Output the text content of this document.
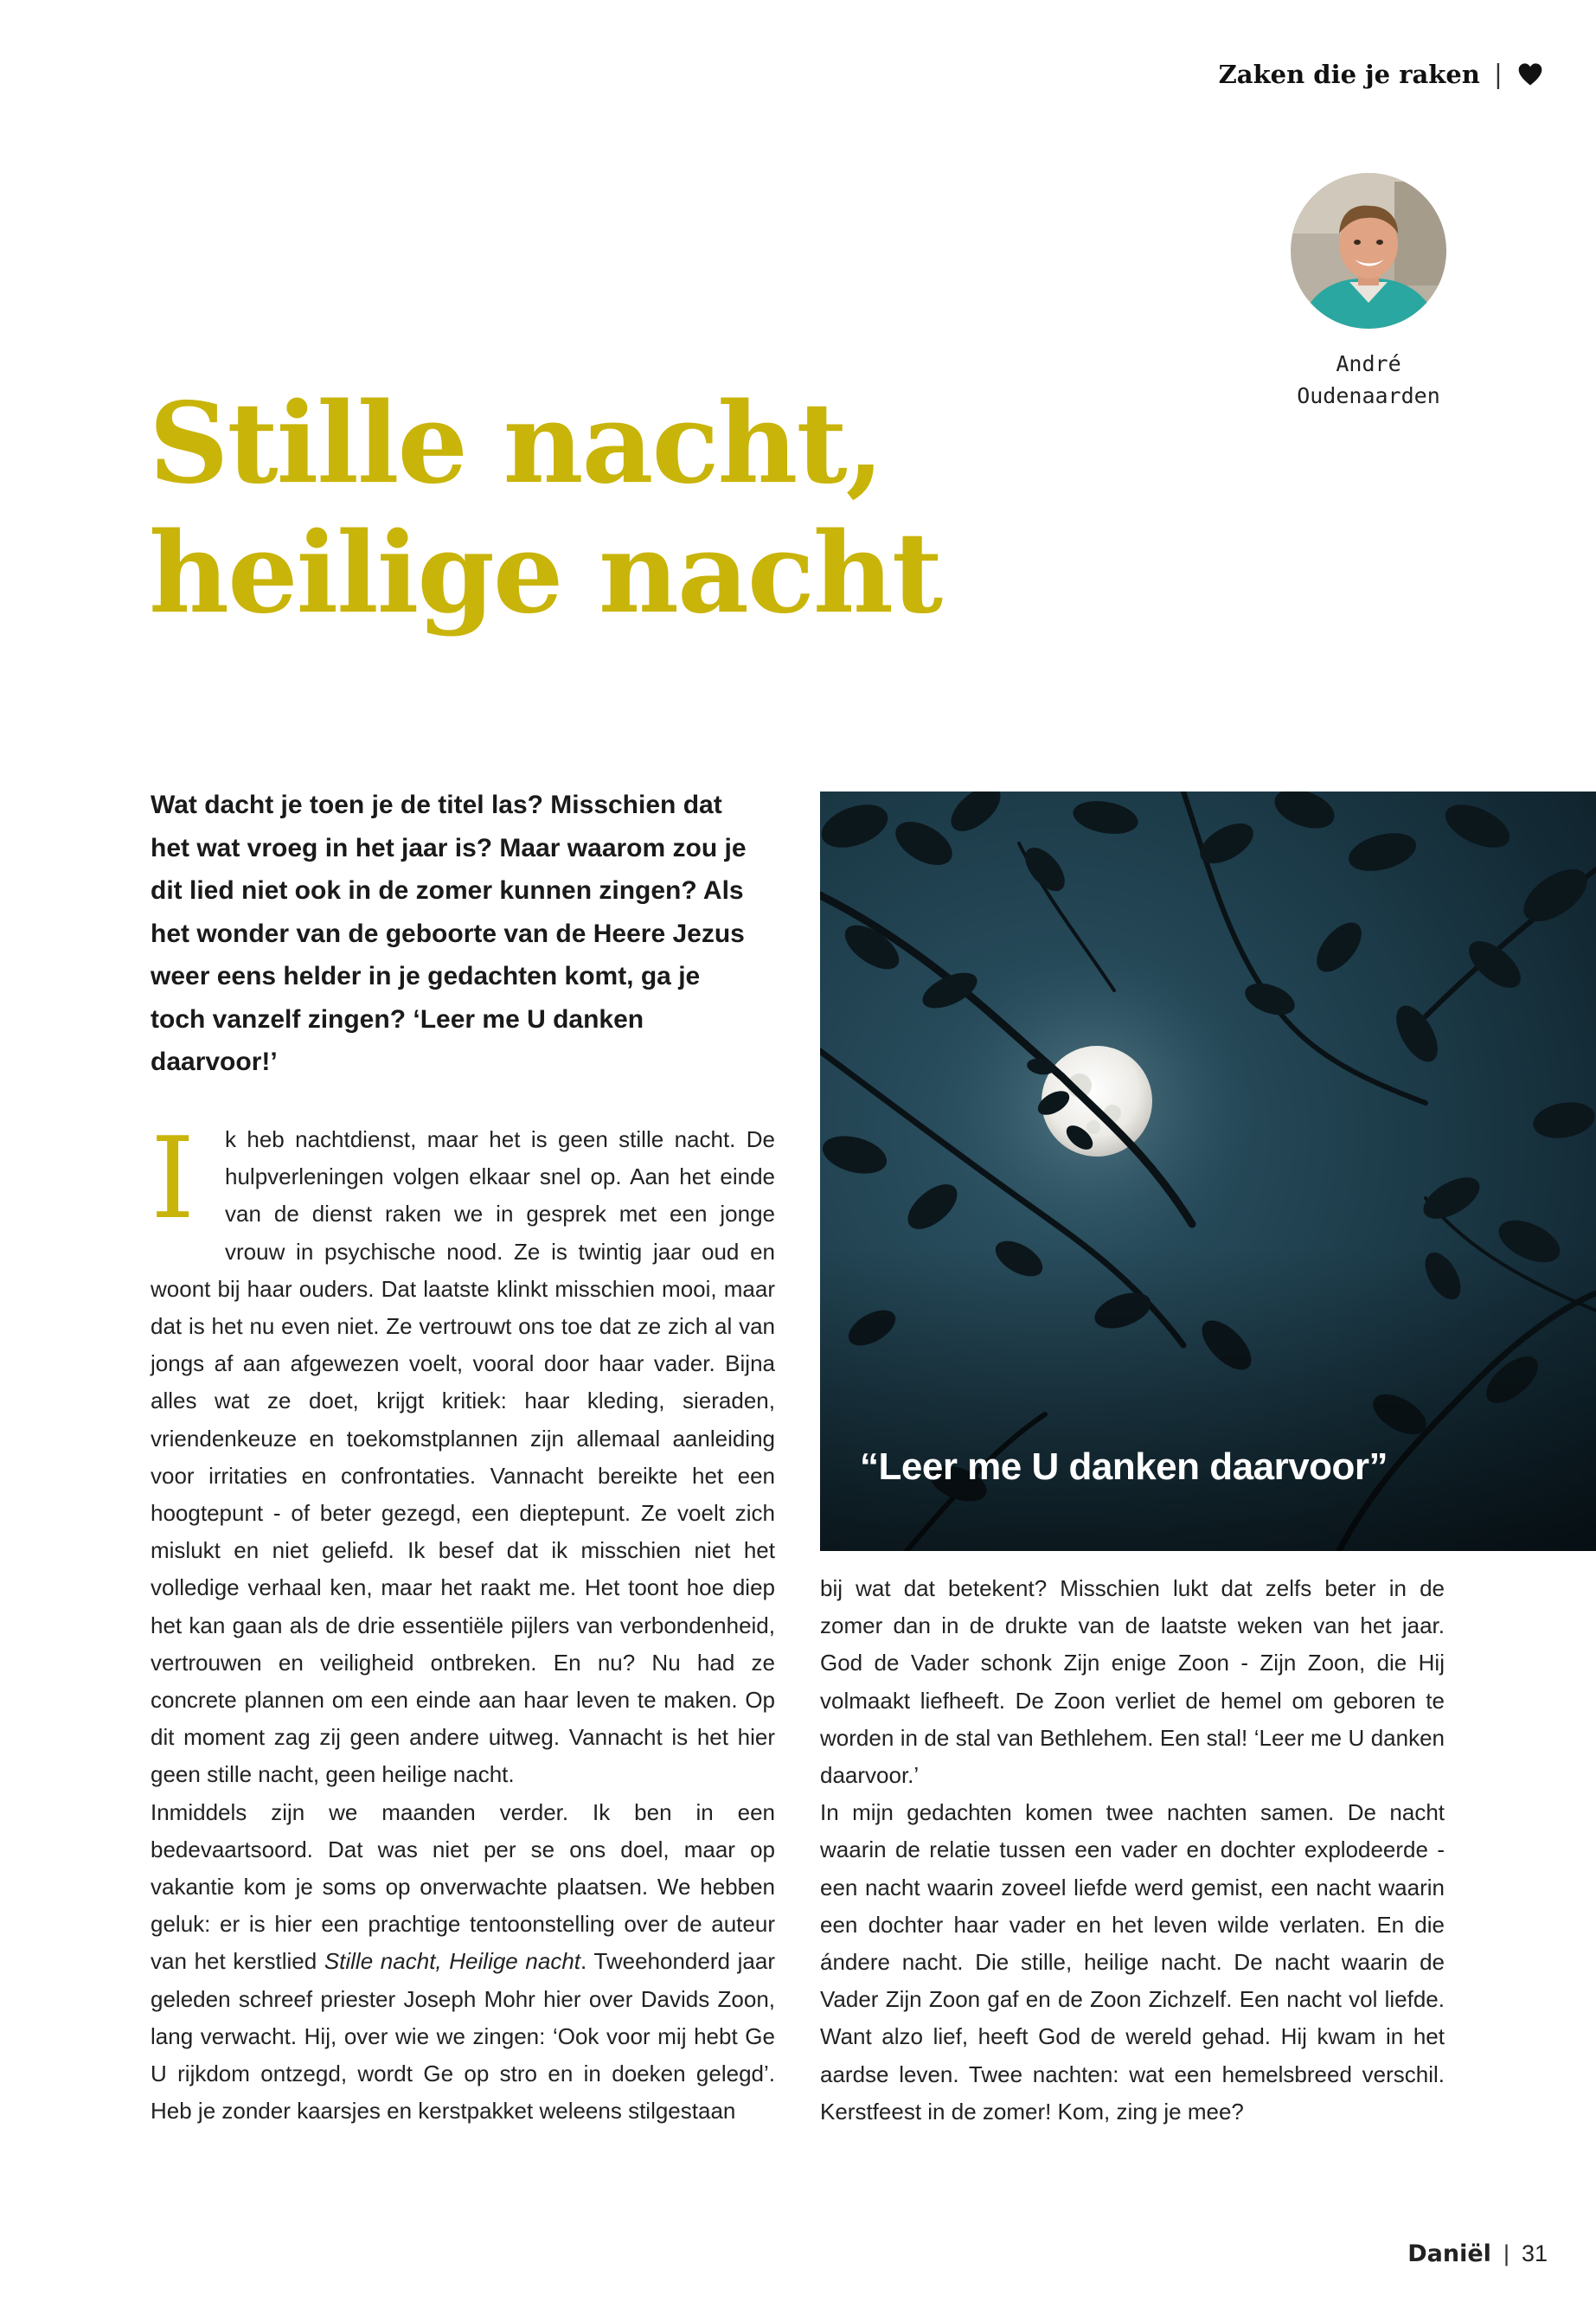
Zaken die je raken |
André
Oudenaarden
Stille nacht,
heilige nacht

Wat dacht je toen je de titel las? Misschien dat het wat vroeg in het jaar is? Maar waarom zou je dit lied niet ook in de zomer kunnen zingen? Als het wonder van de geboorte van de Heere Jezus weer eens helder in je gedachten komt, ga je toch vanzelf zingen? ‘Leer me U danken daarvoor!’

I	k heb nachtdienst, maar het is geen stille nacht. De hulpverleningen volgen elkaar snel op. Aan het einde van de dienst raken we in gesprek met een jonge vrouw in psychische nood. Ze is twintig jaar oud en woont bij haar ouders. Dat laatste klinkt misschien mooi, maar dat is het nu even niet. Ze vertrouwt ons toe dat ze zich al van jongs af aan afgewezen voelt, vooral door haar vader. Bijna alles wat ze doet, krijgt kritiek: haar kleding, sieraden, vriendenkeuze en toekomstplannen zijn allemaal aanleiding voor irritaties en confrontaties. Vannacht bereikte het een hoogtepunt - of beter gezegd, een dieptepunt. Ze voelt zich mislukt en niet geliefd. Ik besef dat ik misschien niet het volledige verhaal ken, maar het raakt me. Het toont hoe diep het kan gaan als de drie essentiële pijlers van verbondenheid, vertrouwen en veiligheid ontbreken. En nu? Nu had ze concrete plannen om een einde aan haar leven te maken. Op dit moment zag zij geen andere uitweg. Vannacht is het hier geen stille nacht, geen heilige nacht.

Inmiddels zijn we maanden verder. Ik ben in een bedevaartsoord. Dat was niet per se ons doel, maar op vakantie kom je soms op onverwachte plaatsen. We hebben geluk: er is hier een prachtige tentoonstelling over de auteur van het kerstlied Stille nacht, Heilige nacht. Tweehonderd jaar geleden schreef priester Joseph Mohr hier over Davids Zoon, lang verwacht. Hij, over wie we zingen: ‘Ook voor mij hebt Ge U rijkdom ontzegd, wordt Ge op stro en in doeken gelegd’. Heb je zonder kaarsjes en kerstpakket weleens stilgestaan

“Leer me U danken daarvoor”

bij wat dat betekent? Misschien lukt dat zelfs beter in de zomer dan in de drukte van de laatste weken van het jaar. God de Vader schonk Zijn enige Zoon - Zijn Zoon, die Hij volmaakt liefheeft. De Zoon verliet de hemel om geboren te worden in de stal van Bethlehem. Een stal! ‘Leer me U danken daarvoor.’

In mijn gedachten komen twee nachten samen. De nacht waarin de relatie tussen een vader en dochter explodeerde - een nacht waarin zoveel liefde werd gemist, een nacht waarin een dochter haar vader en het leven wilde verlaten. En die ándere nacht. Die stille, heilige nacht. De nacht waarin de Vader Zijn Zoon gaf en de Zoon Zichzelf. Een nacht vol liefde. Want alzo lief, heeft God de wereld gehad. Hij kwam in het aardse leven. Twee nachten: wat een hemelsbreed verschil. Kerstfeest in de zomer! Kom, zing je mee?

Daniël | 31
